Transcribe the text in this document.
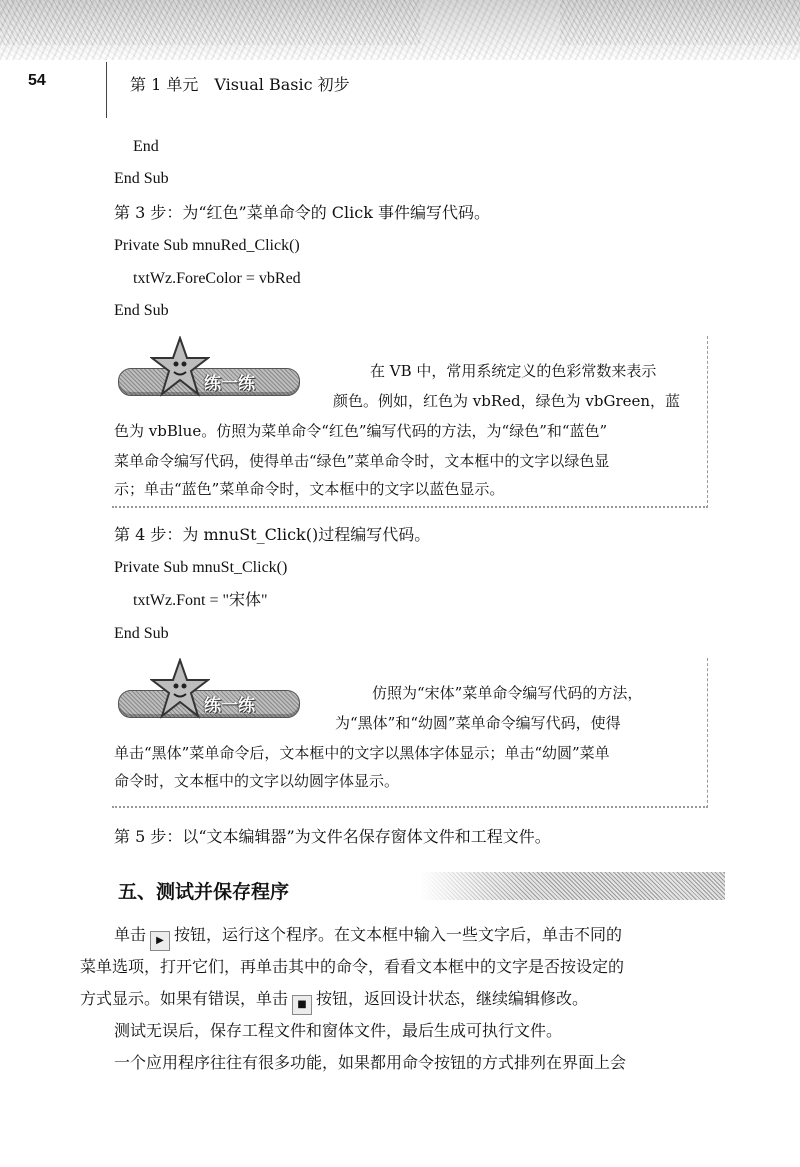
54	第 1 单元　Visual Basic 初步
End
End Sub
第 3 步：为“红色”菜单命令的 Click 事件编写代码。
Private Sub mnuRed_Click()
txtWz.ForeColor = vbRed
End Sub
练一练
在 VB 中，常用系统定义的色彩常数来表示
颜色。例如，红色为 vbRed，绿色为 vbGreen，蓝
色为 vbBlue。仿照为菜单命令“红色”编写代码的方法，为“绿色”和“蓝色”
菜单命令编写代码，使得单击“绿色”菜单命令时，文本框中的文字以绿色显
示；单击“蓝色”菜单命令时，文本框中的文字以蓝色显示。
第 4 步：为 mnuSt_Click()过程编写代码。
Private Sub mnuSt_Click()
txtWz.Font = "宋体"
End Sub
练一练
仿照为“宋体”菜单命令编写代码的方法，
为“黑体”和“幼圆”菜单命令编写代码，使得
单击“黑体”菜单命令后，文本框中的文字以黑体字体显示；单击“幼圆”菜单
命令时，文本框中的文字以幼圆字体显示。
第 5 步：以“文本编辑器”为文件名保存窗体文件和工程文件。
五、测试并保存程序
单击 ▶ 按钮，运行这个程序。在文本框中输入一些文字后，单击不同的
菜单选项，打开它们，再单击其中的命令，看看文本框中的文字是否按设定的
方式显示。如果有错误，单击 ■ 按钮，返回设计状态，继续编辑修改。
测试无误后，保存工程文件和窗体文件，最后生成可执行文件。
一个应用程序往往有很多功能，如果都用命令按钮的方式排列在界面上会
